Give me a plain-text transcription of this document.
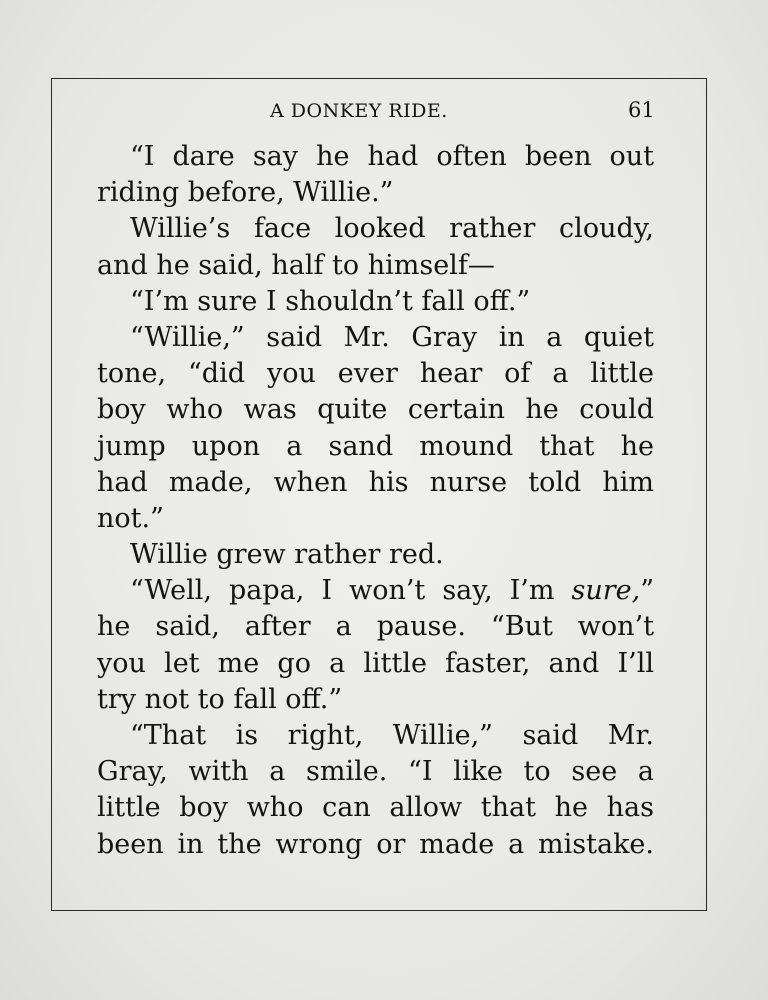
A DONKEY RIDE.	61
“I dare say he had often been out
riding before, Willie.”
Willie’s face looked rather cloudy,
and he said, half to himself—
“I’m sure I shouldn’t fall off.”
“Willie,” said Mr. Gray in a quiet
tone, “did you ever hear of a little
boy who was quite certain he could
jump upon a sand mound that he
had made, when his nurse told him
not.”
Willie grew rather red.
“Well, papa, I won’t say, I’m sure,”
he said, after a pause. “But won’t
you let me go a little faster, and I’ll
try not to fall off.”
“That is right, Willie,” said Mr.
Gray, with a smile. “I like to see a
little boy who can allow that he has
been in the wrong or made a mistake.
